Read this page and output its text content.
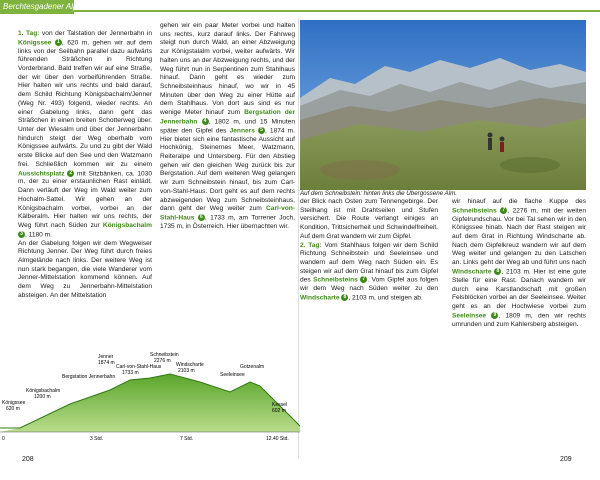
Berchtesgadener Alpen

1. Tag: von der Talstation der Jennerbahn in Königssee 1 , 620 m, gehen wir auf dem links von der Seilbahn parallel dazu aufwärts führenden Sträßchen in Richtung Vorderbrand. Bald treffen wir auf eine Straße, der wir über den vorbeiführenden Straße. Hier halten wir uns rechts und bald darauf, dem Schild Richtung Königsbachalm/Jenner (Weg Nr. 493) folgend, wieder rechts. An einer Gabelung links, dann geht das Sträßchen in einen breiten Schotterweg über. Unter der Wiesalm und über der Jennerbahn hindurch steigt der Weg oberhalb vom Königssee aufwärts. Zu und zu gibt der Wald erste Blicke auf den See und den Watzmann frei. Schließlich kommen wir zu einem Aussichtsplatz 2 mit Sitzbänken, ca. 1030 m, der zu einer erstaunlichen Rast einlädt. Dann verläuft der Weg im Wald weiter zum Hochalm-Sattel. Wir gehen an der Königsbachalm vorbei, vorbei an der Kälberalm. Hier halten wir uns rechts, der Weg führt nach Süden zur Königsbachalm 3 , 1180 m.

An der Gabelung folgen wir dem Wegweiser Richtung Jenner. Der Weg führt durch freies Almgelände nach links. Der weitere Weg ist nun stark begangen, die viele Wanderer vom Jenner-Mittelstation kommend können. Auf dem Weg zu Jennerbahn-Mittelstation absteigen. An der Mittelstation

gehen wir ein paar Meter vorbei und halten uns rechts, kurz darauf links. Der Fahrweg steigt nun durch Wald, an einer Abzweigung zur Königstalalm vorbei, weiter aufwärts. Wir halten uns an der Abzweigung rechts, und der Weg führt nun in Serpentinen zum Stahlhaus hinauf. Dann geht es wieder zum Schneibsteinhaus hinauf, wo wir in 45 Minuten über den Weg zu einer Hütte auf dem Stahlhaus. Von dort aus sind es nur wenige Meter hinauf zum Bergstation der Jennerbahn 4 , 1802 m, und 15 Minuten später den Gipfel des Jenners 5 , 1874 m. Hier bietet sich eine fantastische Aussicht auf Hochkönig, Steinernes Meer, Watzmann, Reiteralpe und Untersberg. Für den Abstieg gehen wir den gleichen Weg zurück bis zur Bergstation. Auf dem weiteren Weg gelangen wir zum Schneibstein hinauf, bis zum Carl-von-Stahl-Haus. Dort geht es auf dem rechts abzweigenden Weg zum Schneibsteinhaus, dann geht der Weg weiter zum Carl-von-Stahl-Haus 6 , 1733 m, am Torrener Joch, 1735 m, in Österreich. Hier übernachten wir.

Auf dem Schneibstein: hinten links die Übergossene Alm.

der Blick nach Osten zum Tennengebirge. Der Steilhang ist mit Drahtseilen und Stufen versichert. Die Route verlangt einiges an Kondition, Trittsicherheit und Schwindelfreiheit. Auf dem Grat wandern wir zum Gipfel.

2. Tag: Vom Stahlhaus folgen wir dem Schild Richtung Schneibstein und Seeleinsee und wandern auf dem Weg nach Süden ein. Es steigen wir auf dem Grat hinauf bis zum Gipfel des Schneibsteins 7 . Vom Gipfel aus folgen wir dem Weg nach Süden weiter zu den Windscharte 8 , 2103 m, und steigen ab.

wir hinauf auf die flache Kuppe des Schneibsteins 7 , 2276 m, mit der weiten Gipfelrundschau. Vor bei Tal sehen wir in den Königssee hinab. Nach der Rast steigen wir auf dem Grat in Richtung Windscharte ab. Nach dem Gipfelkreuz wandern wir auf dem Weg weiter und gelangen zu den Latschen an. Links geht der Weg ab und führt uns nach Windscharte 8 , 2103 m. Hier ist eine gute Stelle für eine Rast. Danach wandern wir durch eine Karstlandschaft mit großen Felsblöcken vorbei an der Seeleinsee. Weiter geht es an der Hochwiese vorbei zum Seeleinsee 9 , 1809 m, den wir rechts umrunden und zum Kahlersberg absteigen.

Königssee
620 m
Königsbachalm
1200 m
Bergstation Jennerbahn
Jenner
1874 m
Carl-von-Stahl-Haus
1733 m
Schneibstein
2276 m
Windscharte
2103 m
Seeleinsee
Gotzenalm
Kessel
602 m
0	3 Std.	7 Std.	12.40 Std.
208	209
